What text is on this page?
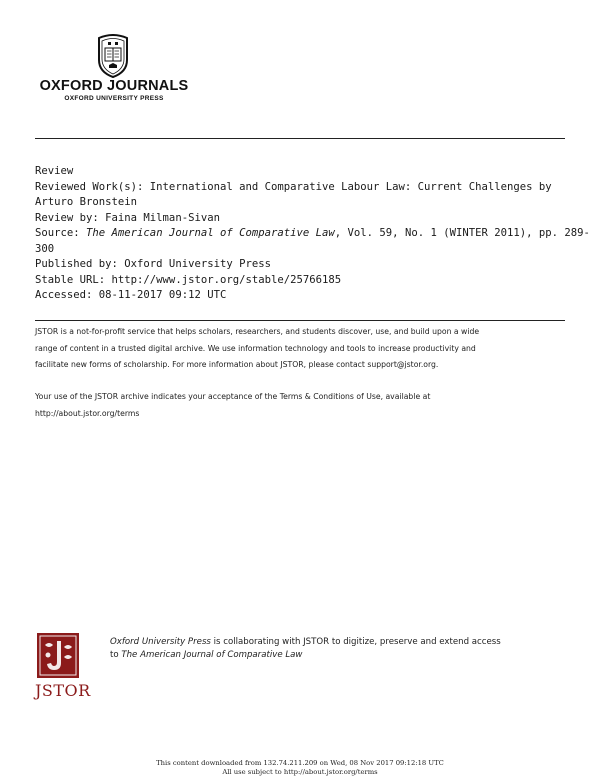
OXFORD JOURNALS
OXFORD UNIVERSITY PRESS
Review
Reviewed Work(s): International and Comparative Labour Law: Current Challenges by
Arturo Bronstein
Review by: Faina Milman-Sivan
Source: The American Journal of Comparative Law, Vol. 59, No. 1 (WINTER 2011), pp. 289-
300
Published by: Oxford University Press
Stable URL: http://www.jstor.org/stable/25766185
Accessed: 08-11-2017 09:12 UTC
JSTOR is a not-for-profit service that helps scholars, researchers, and students discover, use, and build upon a wide
range of content in a trusted digital archive. We use information technology and tools to increase productivity and
facilitate new forms of scholarship. For more information about JSTOR, please contact support@jstor.org.
Your use of the JSTOR archive indicates your acceptance of the Terms & Conditions of Use, available at
http://about.jstor.org/terms
JSTOR
Oxford University Press is collaborating with JSTOR to digitize, preserve and extend access
to The American Journal of Comparative Law
This content downloaded from 132.74.211.209 on Wed, 08 Nov 2017 09:12:18 UTC
All use subject to http://about.jstor.org/terms
